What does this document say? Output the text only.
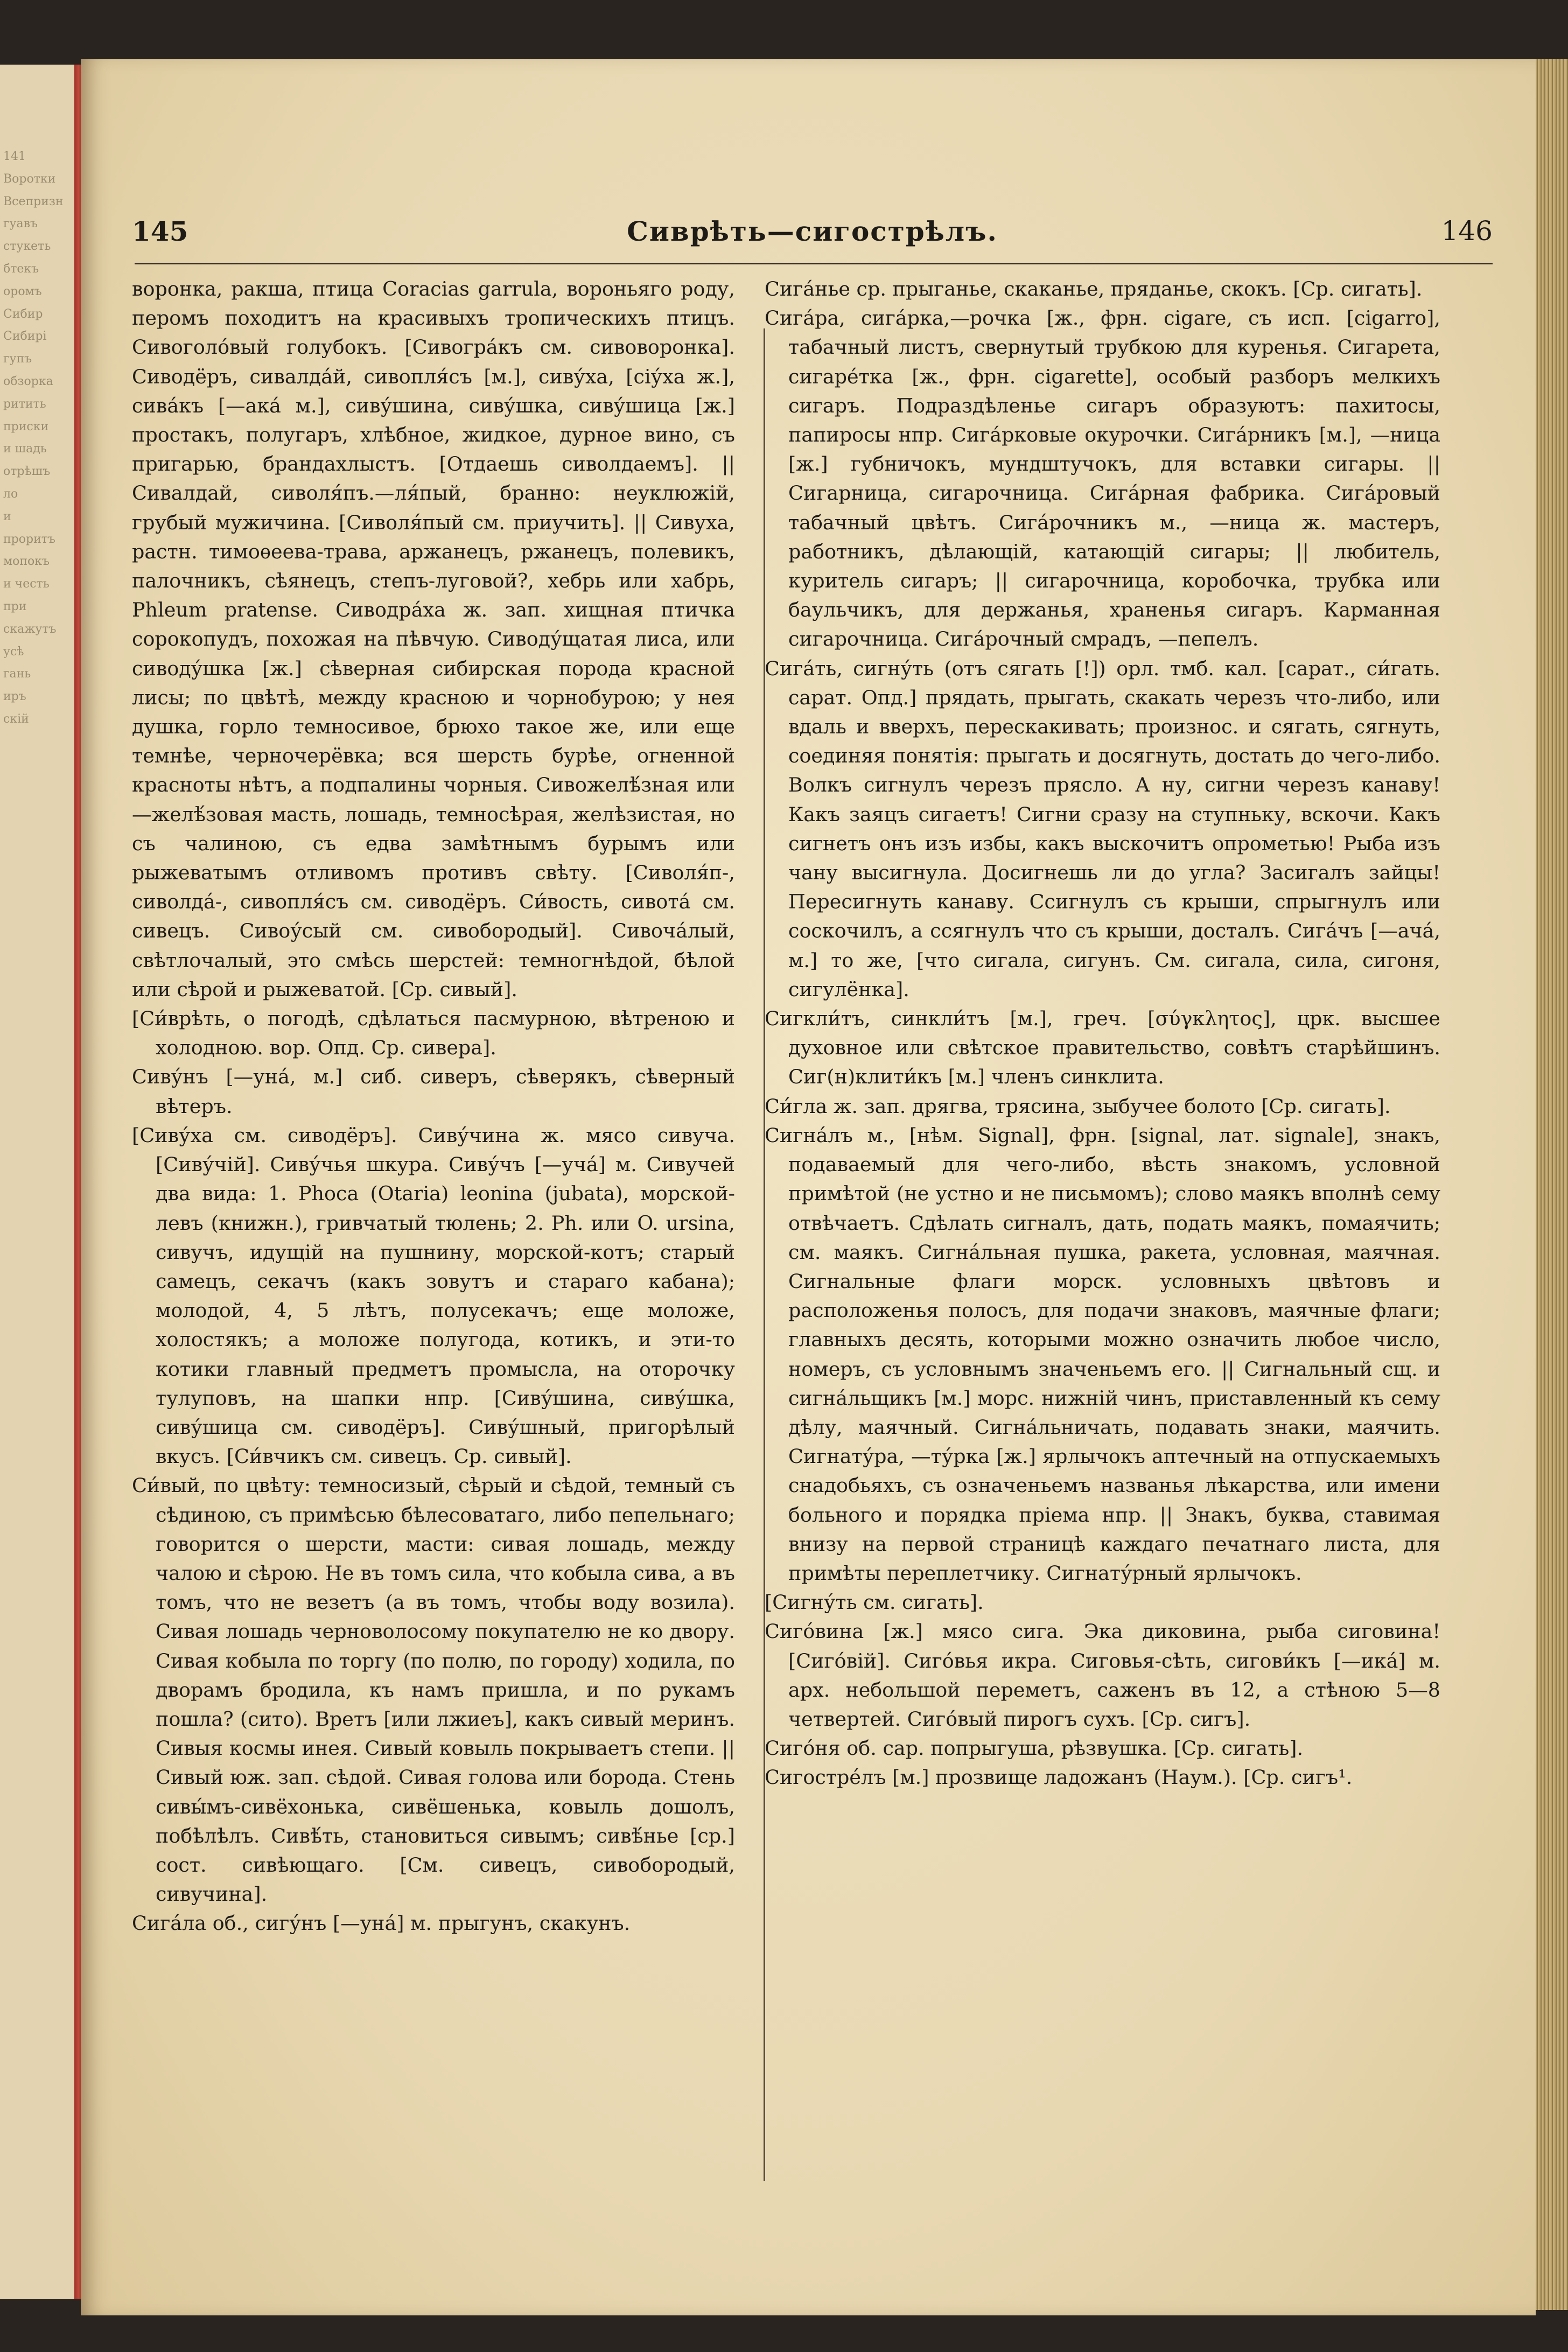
141
Воротки
Всепризн
гуавъ
стукеть
бтекъ
оромъ
Сибир
Сибирі
гупъ
обзорка
ритить
приски
и шадь
отрѣшъ
ло
и
проритъ
мопокъ
и честь
при
скажутъ
усѣ
гань
иръ
скій
145	Сиврѣть—сигострѣлъ.	146

воронка, ракша, птица Coracias garrula, вороньяго роду, перомъ походитъ на красивыхъ тропическихъ птицъ. Сивоголо́вый голубокъ. [Сивогра́къ см. сивоворонка]. Сиводёръ, сивалда́й, сивопля́съ [м.], сиву́ха, [сіу́ха ж.], сива́къ [—ака́ м.], сиву́шина, сиву́шка, сиву́шица [ж.] простакъ, полугаръ, хлѣбное, жидкое, дурное вино, съ пригарью, брандахлыстъ. [Отдаешь сиволдаемъ]. || Сивалдай, сиволя́пъ.—ля́пый, бранно: неуклюжій, грубый мужичина. [Сиволя́пый см. приучить]. || Сивуха, растн. тимоѳеева-трава, аржанецъ, ржанецъ, полевикъ, палочникъ, сѣянецъ, степъ-луговой?, хебрь или хабрь, Phleum pratense. Сиводра́ха ж. зап. хищная птичка сорокопудъ, похожая на пѣвчую. Сиводу́щатая лиса, или сиводу́шка [ж.] сѣверная сибирская порода красной лисы; по цвѣтѣ, между красною и чорнобурою; у нея душка, горло темносивое, брюхо такое же, или еще темнѣе, черночерёвка; вся шерсть бурѣе, огненной красноты нѣтъ, а подпалины чорныя. Сивожелѣ́зная или —желѣ́зовая масть, лошадь, темносѣрая, желѣзистая, но съ чалиною, съ едва замѣтнымъ бурымъ или рыжеватымъ отливомъ противъ свѣту. [Сиволя́п-, сиволда́-, сивопля́съ см. сиводёръ. Си́вость, сивота́ см. сивецъ. Сивоу́сый см. сивобородый]. Сивоча́лый, свѣтлочалый, это смѣсь шерстей: темногнѣдой, бѣлой или сѣрой и рыжеватой. [Ср. сивый].

[Си́врѣть, о погодѣ, сдѣлаться пасмурною, вѣтреною и холодною. вор. Опд. Ср. сивера].

Сиву́нъ [—уна́, м.] сиб. сиверъ, сѣверякъ, сѣверный вѣтеръ.

[Сиву́ха см. сиводёръ]. Сиву́чина ж. мясо сивуча. [Сиву́чій]. Сиву́чья шкура. Сиву́чъ [—уча́] м. Сивучей два вида: 1. Phoca (Otaria) leonina (jubata), морской-левъ (книжн.), гривчатый тюлень; 2. Ph. или O. ursina, сивучъ, идущій на пушнину, морской-котъ; старый самецъ, секачъ (какъ зовутъ и стараго кабана); молодой, 4, 5 лѣтъ, полусекачъ; еще моложе, холостякъ; а моложе полугода, котикъ, и эти-то котики главный предметъ промысла, на оторочку тулуповъ, на шапки нпр. [Сиву́шина, сиву́шка, сиву́шица см. сиводёръ]. Сиву́шный, пригорѣлый вкусъ. [Си́вчикъ см. сивецъ. Ср. сивый].

Си́вый, по цвѣту: темносизый, сѣрый и сѣдой, темный съ сѣдиною, съ примѣсью бѣлесоватаго, либо пепельнаго; говорится о шерсти, масти: сивая лошадь, между чалою и сѣрою. Не въ томъ сила, что кобыла сива, а въ томъ, что не везетъ (а въ томъ, чтобы воду возила). Сивая лошадь черноволосому покупателю не ко двору. Сивая кобыла по торгу (по полю, по городу) ходила, по дворамъ бродила, къ намъ пришла, и по рукамъ пошла? (сито). Вретъ [или лжиеъ], какъ сивый меринъ. Сивыя космы инея. Сивый ковыль покрываетъ степи. || Сивый юж. зап. сѣдой. Сивая голова или борода. Стень сивы́мъ-сивёхонька, сивёшенька, ковыль дошолъ, побѣлѣлъ. Сивѣ́ть, становиться сивымъ; сивѣ́нье [ср.] сост. сивѣющаго. [См. сивецъ, сивобородый, сивучина].

Сига́ла об., сигу́нъ [—уна́] м. прыгунъ, скакунъ.

Сига́нье ср. прыганье, скаканье, пряданье, скокъ. [Ср. сигать].

Сига́ра, сига́рка,—рочка [ж., фрн. cigare, съ исп. [cigarro], табачный листъ, свернутый трубкою для куренья. Сигарета, сигарéтка [ж., фрн. cigarette], особый разборъ мелкихъ сигаръ. Подраздѣленье сигаръ образуютъ: пахитосы, папиросы нпр. Сига́рковые окурочки. Сига́рникъ [м.], —ница [ж.] губничокъ, мундштучокъ, для вставки сигары. || Сигарница, сигарочница. Сига́рная фабрика. Сига́ровый табачный цвѣтъ. Сига́рочникъ м., —ница ж. мастеръ, работникъ, дѣлающій, катающій сигары; || любитель, куритель сигаръ; || сигарочница, коробочка, трубка или баульчикъ, для держанья, храненья сигаръ. Карманная сигарочница. Сига́рочный смрадъ, —пепелъ.

Сига́ть, сигну́ть (отъ сягать [!]) орл. тмб. кал. [сарат., си́гать. сарат. Опд.] прядать, прыгать, скакать черезъ что-либо, или вдаль и вверхъ, перескакивать; произнос. и сягать, сягнуть, соединяя понятія: прыгать и досягнуть, достать до чего-либо. Волкъ сигнулъ черезъ прясло. А ну, сигни черезъ канаву! Какъ заяцъ сигаетъ! Сигни сразу на ступньку, вскочи. Какъ сигнетъ онъ изъ избы, какъ выскочитъ опрометью! Рыба изъ чану высигнула. Досигнешь ли до угла? Засигалъ зайцы! Пересигнуть канаву. Ссигнулъ съ крыши, спрыгнулъ или соскочилъ, а ссягнулъ что съ крыши, досталъ. Сига́чъ [—ача́, м.] то же, [что сигала, сигунъ. См. сигала, сила, сигоня, сигулёнка].

Сигкли́тъ, синкли́тъ [м.], греч. [σύγκλητος], црк. высшее духовное или свѣтское правительство, совѣтъ старѣйшинъ. Сиг(н)клити́къ [м.] членъ синклита.

Си́гла ж. зап. дрягва, трясина, зыбучее болото [Ср. сигать].

Сигна́лъ м., [нѣм. Signal], фрн. [signal, лат. signale], знакъ, подаваемый для чего-либо, вѣсть знакомъ, условной примѣтой (не устно и не письмомъ); слово маякъ вполнѣ сему отвѣчаетъ. Сдѣлать сигналъ, дать, подать маякъ, помаячить; см. маякъ. Сигна́льная пушка, ракета, условная, маячная. Сигнальные флаги морск. условныхъ цвѣтовъ и расположенья полосъ, для подачи знаковъ, маячные флаги; главныхъ десять, которыми можно означить любое число, номеръ, съ условнымъ значеньемъ его. || Сигнальный сщ. и сигна́льщикъ [м.] морс. нижній чинъ, приставленный къ сему дѣлу, маячный. Сигна́льничать, подавать знаки, маячить. Сигнату́ра, —ту́рка [ж.] ярлычокъ аптечный на отпускаемыхъ снадобьяхъ, съ означеньемъ названья лѣкарства, или имени больного и порядка пріема нпр. || Знакъ, буква, ставимая внизу на первой страницѣ каждаго печатнаго листа, для примѣты переплетчику. Сигнату́рный ярлычокъ.

[Сигну́ть см. сигать].

Сиго́вина [ж.] мясо сига. Эка диковина, рыба сиговина! [Сиго́вій]. Сиго́вья икра. Сиговья-сѣть, сигови́къ [—ика́] м. арх. небольшой переметъ, саженъ въ 12, а стѣною 5—8 четвертей. Сиго́вый пирогъ сухъ. [Ср. сигъ].

Сиго́ня об. сар. попрыгуша, рѣзвушка. [Ср. сигать].

Сигостре́лъ [м.] прозвище ладожанъ (Наум.). [Ср. сигъ¹.
